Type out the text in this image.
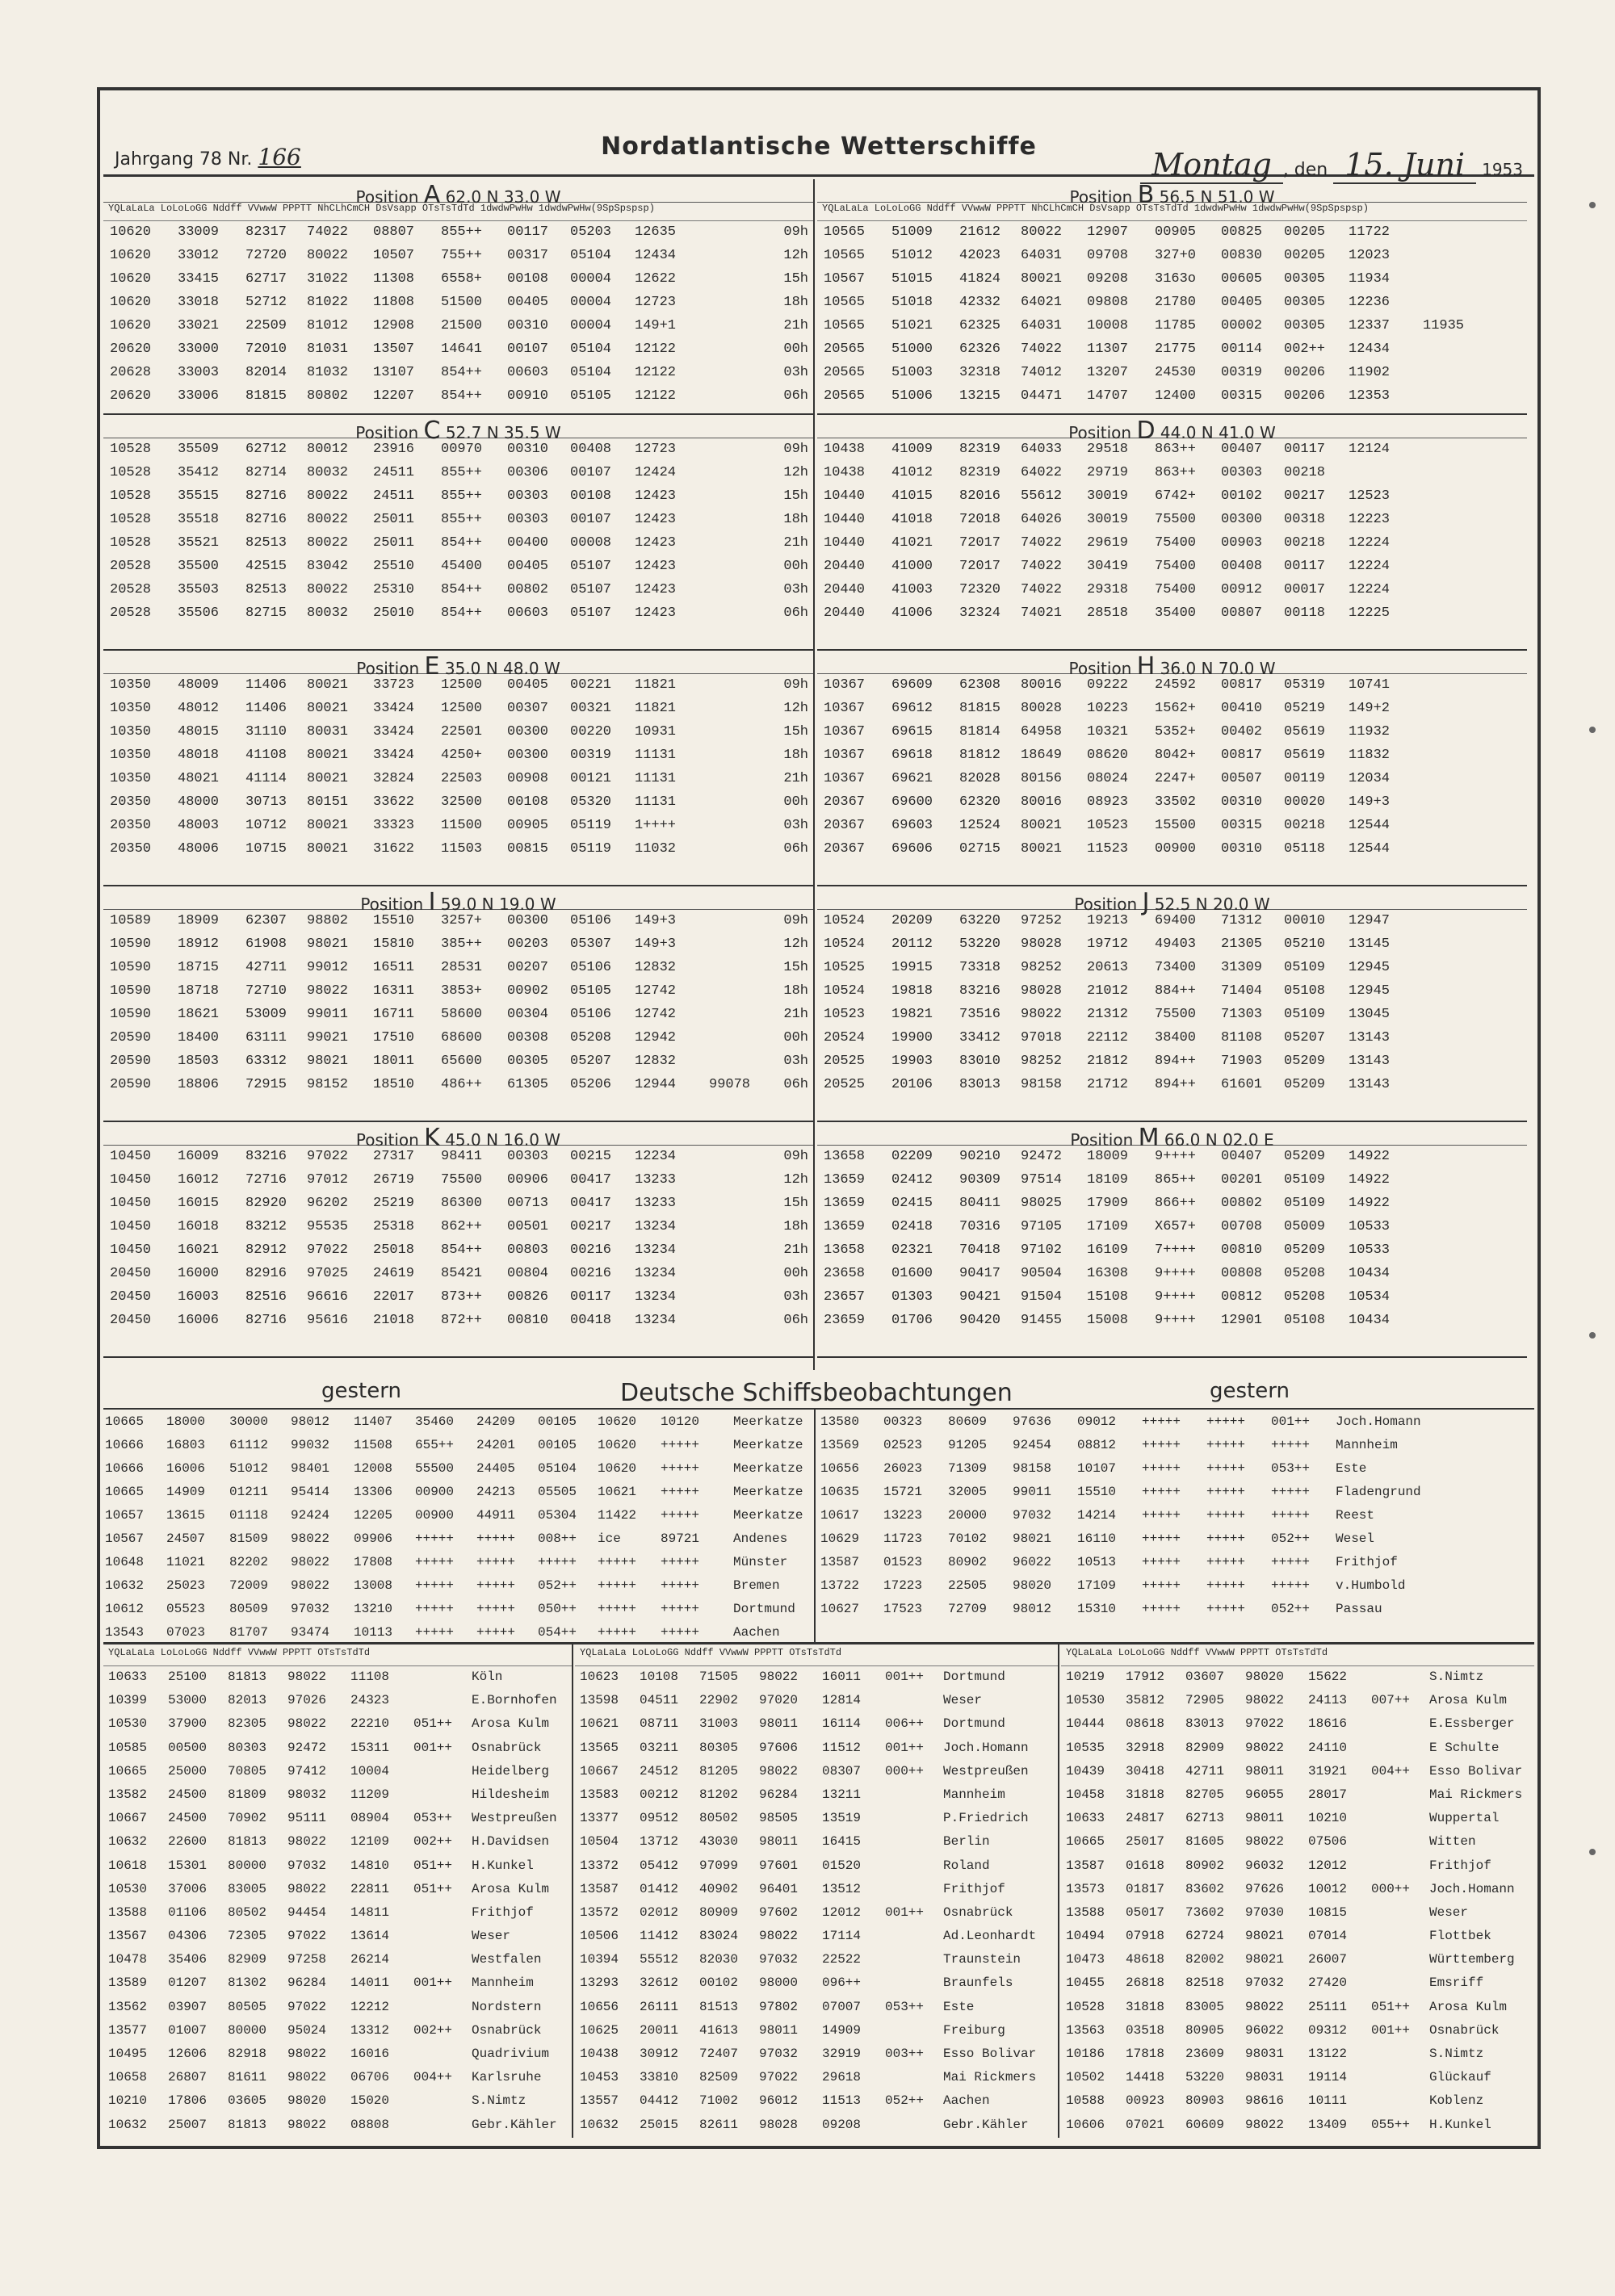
Jahrgang 78 Nr. 166	Nordatlantische Wetterschiffe
Montag , den 15. Juni 1953
Position A 62.0 N 33.0 W
YQLaLaLa LoLoLoGG Nddff VVwwW PPPTT NhCLhCmCH DsVsapp OTsTsTdTd 1dwdwPwHw 1dwdwPwHw(9SpSpspsp)
10620 33009 82317 74022 08807 855++ 00117 05203 12635	09h
10620 33012 72720 80022 10507 755++ 00317 05104 12434	12h
10620 33415 62717 31022 11308 6558+ 00108 00004 12622	15h
10620 33018 52712 81022 11808 51500 00405 00004 12723	18h
10620 33021 22509 81012 12908 21500 00310 00004 149+1	21h
20620 33000 72010 81031 13507 14641 00107 05104 12122	00h
20628 33003 82014 81032 13107 854++ 00603 05104 12122	03h
20620 33006 81815 80802 12207 854++ 00910 05105 12122	06h
Position C 52.7 N 35.5 W
10528 35509 62712 80012 23916 00970 00310 00408 12723	09h
10528 35412 82714 80032 24511 855++ 00306 00107 12424	12h
10528 35515 82716 80022 24511 855++ 00303 00108 12423	15h
10528 35518 82716 80022 25011 855++ 00303 00107 12423	18h
10528 35521 82513 80022 25011 854++ 00400 00008 12423	21h
20528 35500 42515 83042 25510 45400 00405 05107 12423	00h
20528 35503 82513 80022 25310 854++ 00802 05107 12423	03h
20528 35506 82715 80032 25010 854++ 00603 05107 12423	06h
Position E 35.0 N 48.0 W
10350 48009 11406 80021 33723 12500 00405 00221 11821	09h
10350 48012 11406 80021 33424 12500 00307 00321 11821	12h
10350 48015 31110 80031 33424 22501 00300 00220 10931	15h
10350 48018 41108 80021 33424 4250+ 00300 00319 11131	18h
10350 48021 41114 80021 32824 22503 00908 00121 11131	21h
20350 48000 30713 80151 33622 32500 00108 05320 11131	00h
20350 48003 10712 80021 33323 11500 00905 05119 1++++	03h
20350 48006 10715 80021 31622 11503 00815 05119 11032	06h
Position I 59.0 N 19.0 W
10589 18909 62307 98802 15510 3257+ 00300 05106 149+3	09h
10590 18912 61908 98021 15810 385++ 00203 05307 149+3	12h
10590 18715 42711 99012 16511 28531 00207 05106 12832	15h
10590 18718 72710 98022 16311 3853+ 00902 05105 12742	18h
10590 18621 53009 99011 16711 58600 00304 05106 12742	21h
20590 18400 63111 99021 17510 68600 00308 05208 12942	00h
20590 18503 63312 98021 18011 65600 00305 05207 12832	03h
20590 18806 72915 98152 18510 486++ 61305 05206 12944 99078 06h
Position K 45.0 N 16.0 W
10450 16009 83216 97022 27317 98411 00303 00215 12234	09h
10450 16012 72716 97012 26719 75500 00906 00417 13233	12h
10450 16015 82920 96202 25219 86300 00713 00417 13233	15h
10450 16018 83212 95535 25318 862++ 00501 00217 13234	18h
10450 16021 82912 97022 25018 854++ 00803 00216 13234	21h
20450 16000 82916 97025 24619 85421 00804 00216 13234	00h
20450 16003 82516 96616 22017 873++ 00826 00117 13234	03h
20450 16006 82716 95616 21018 872++ 00810 00418 13234	06h
Position B 56.5 N 51.0 W
YQLaLaLa LoLoLoGG Nddff VVwwW PPPTT NhCLhCmCH DsVsapp OTsTsTdTd 1dwdwPwHw 1dwdwPwHw(9SpSpspsp)
10565 51009 21612 80022 12907 00905 00825 00205 11722
10565 51012 42023 64031 09708 327+0 00830 00205 12023
10567 51015 41824 80021 09208 3163o 00605 00305 11934
10565 51018 42332 64021 09808 21780 00405 00305 12236
10565 51021 62325 64031 10008 11785 00002 00305 12337 11935
20565 51000 62326 74022 11307 21775 00114 002++ 12434
20565 51003 32318 74012 13207 24530 00319 00206 11902
20565 51006 13215 04471 14707 12400 00315 00206 12353
Position D 44.0 N 41.0 W
10438 41009 82319 64033 29518 863++ 00407 00117 12124
10438 41012 82319 64022 29719 863++ 00303 00218
10440 41015 82016 55612 30019 6742+ 00102 00217 12523
10440 41018 72018 64026 30019 75500 00300 00318 12223
10440 41021 72017 74022 29619 75400 00903 00218 12224
20440 41000 72017 74022 30419 75400 00408 00117 12224
20440 41003 72320 74022 29318 75400 00912 00017 12224
20440 41006 32324 74021 28518 35400 00807 00118 12225
Position H 36.0 N 70.0 W
10367 69609 62308 80016 09222 24592 00817 05319 10741
10367 69612 81815 80028 10223 1562+ 00410 05219 149+2
10367 69615 81814 64958 10321 5352+ 00402 05619 11932
10367 69618 81812 18649 08620 8042+ 00817 05619 11832
10367 69621 82028 80156 08024 2247+ 00507 00119 12034
20367 69600 62320 80016 08923 33502 00310 00020 149+3
20367 69603 12524 80021 10523 15500 00315 00218 12544
20367 69606 02715 80021 11523 00900 00310 05118 12544
Position J 52.5 N 20.0 W
10524 20209 63220 97252 19213 69400 71312 00010 12947
10524 20112 53220 98028 19712 49403 21305 05210 13145
10525 19915 73318 98252 20613 73400 31309 05109 12945
10524 19818 83216 98028 21012 884++ 71404 05108 12945
10523 19821 73516 98022 21312 75500 71303 05109 13045
20524 19900 33412 97018 22112 38400 81108 05207 13143
20525 19903 83010 98252 21812 894++ 71903 05209 13143
20525 20106 83013 98158 21712 894++ 61601 05209 13143
Position M 66.0 N 02.0 E
13658 02209 90210 92472 18009 9++++ 00407 05209 14922
13659 02412 90309 97514 18109 865++ 00201 05109 14922
13659 02415 80411 98025 17909 866++ 00802 05109 14922
13659 02418 70316 97105 17109 X657+ 00708 05009 10533
13658 02321 70418 97102 16109 7++++ 00810 05209 10533
23658 01600 90417 90504 16308 9++++ 00808 05208 10434
23657 01303 90421 91504 15108 9++++ 00812 05208 10534
23659 01706 90420 91455 15008 9++++ 12901 05108 10434
gestern	Deutsche Schiffsbeobachtungen	gestern
10665 18000 30000 98012 11407 35460 24209 00105 10620 10120	Meerkatze
10666 16803 61112 99032 11508 655++ 24201 00105 10620 +++++	Meerkatze
10666 16006 51012 98401 12008 55500 24405 05104 10620 +++++	Meerkatze
10665 14909 01211 95414 13306 00900 24213 05505 10621 +++++	Meerkatze
10657 13615 01118 92424 12205 00900 44911 05304 11422 +++++	Meerkatze
10567 24507 81509 98022 09906 +++++ +++++ 008++ ice	89721	Andenes
10648 11021 82202 98022 17808 +++++ +++++ +++++ +++++ +++++	Münster
10632 25023 72009 98022 13008 +++++ +++++ 052++ +++++ +++++	Bremen
10612 05523 80509 97032 13210 +++++ +++++ 050++ +++++ +++++	Dortmund
13543 07023 81707 93474 10113 +++++ +++++ 054++ +++++ +++++	Aachen
13580 00323 80609 97636 09012 +++++ +++++ 001++ Joch.Homann
13569 02523 91205 92454 08812 +++++ +++++ +++++ Mannheim
10656 26023 71309 98158 10107 +++++ +++++ 053++ Este
10635 15721 32005 99011 15510 +++++ +++++ +++++ Fladengrund
10617 13223 20000 97032 14214 +++++ +++++ +++++ Reest
10629 11723 70102 98021 16110 +++++ +++++ 052++ Wesel
13587 01523 80902 96022 10513 +++++ +++++ +++++ Frithjof
13722 17223 22505 98020 17109 +++++ +++++ +++++ v.Humbold
10627 17523 72709 98012 15310 +++++ +++++ 052++ Passau
YQLaLaLa LoLoLoGG Nddff VVwwW PPPTT OTsTsTdTd
10633 25100 81813 98022 11108	Köln
10399 53000 82013 97026 24323	E.Bornhofen
10530 37900 82305 98022 22210 051++ Arosa Kulm
10585 00500 80303 92472 15311 001++ Osnabrück
10665 25000 70805 97412 10004	Heidelberg
13582 24500 81809 98032 11209	Hildesheim
10667 24500 70902 95111 08904 053++ Westpreußen
10632 22600 81813 98022 12109 002++ H.Davidsen
10618 15301 80000 97032 14810 051++ H.Kunkel
10530 37006 83005 98022 22811 051++ Arosa Kulm
13588 01106 80502 94454 14811	Frithjof
13567 04306 72305 97022 13614	Weser
10478 35406 82909 97258 26214	Westfalen
13589 01207 81302 96284 14011 001++ Mannheim
13562 03907 80505 97022 12212	Nordstern
13577 01007 80000 95024 13312 002++ Osnabrück
10495 12606 82918 98022 16016	Quadrivium
10658 26807 81611 98022 06706 004++ Karlsruhe
10210 17806 03605 98020 15020	S.Nimtz
10632 25007 81813 98022 08808	Gebr.Kähler
YQLaLaLa LoLoLoGG Nddff VVwwW PPPTT OTsTsTdTd
10623 10108 71505 98022 16011 001++ Dortmund
13598 04511 22902 97020 12814	Weser
10621 08711 31003 98011 16114 006++ Dortmund
13565 03211 80305 97606 11512 001++ Joch.Homann
10667 24512 81205 98022 08307 000++ Westpreußen
13583 00212 81202 96284 13211	Mannheim
13377 09512 80502 98505 13519	P.Friedrich
10504 13712 43030 98011 16415	Berlin
13372 05412 97099 97601 01520	Roland
13587 01412 40902 96401 13512	Frithjof
13572 02012 80909 97602 12012 001++ Osnabrück
10506 11412 83024 98022 17114	Ad.Leonhardt
10394 55512 82030 97032 22522	Traunstein
13293 32612 00102 98000 096++	Braunfels
10656 26111 81513 97802 07007 053++ Este
10625 20011 41613 98011 14909	Freiburg
10438 30912 72407 97032 32919 003++ Esso Bolivar
10453 33810 82509 97022 29618	Mai Rickmers
13557 04412 71002 96012 11513 052++ Aachen
10632 25015 82611 98028 09208	Gebr.Kähler
YQLaLaLa LoLoLoGG Nddff VVwwW PPPTT OTsTsTdTd
10219 17912 03607 98020 15622	S.Nimtz
10530 35812 72905 98022 24113 007++ Arosa Kulm
10444 08618 83013 97022 18616	E.Essberger
10535 32918 82909 98022 24110	E Schulte
10439 30418 42711 98011 31921 004++ Esso Bolivar
10458 31818 82705 96055 28017	Mai Rickmers
10633 24817 62713 98011 10210	Wuppertal
10665 25017 81605 98022 07506	Witten
13587 01618 80902 96032 12012	Frithjof
13573 01817 83602 97626 10012 000++ Joch.Homann
13588 05017 73602 97030 10815	Weser
10494 07918 62724 98021 07014	Flottbek
10473 48618 82002 98021 26007	Württemberg
10455 26818 82518 97032 27420	Emsriff
10528 31818 83005 98022 25111 051++ Arosa Kulm
13563 03518 80905 96022 09312 001++ Osnabrück
10186 17818 23609 98031 13122	S.Nimtz
10502 14418 53220 98031 19114	Glückauf
10588 00923 80903 98616 10111	Koblenz
10606 07021 60609 98022 13409 055++ H.Kunkel
